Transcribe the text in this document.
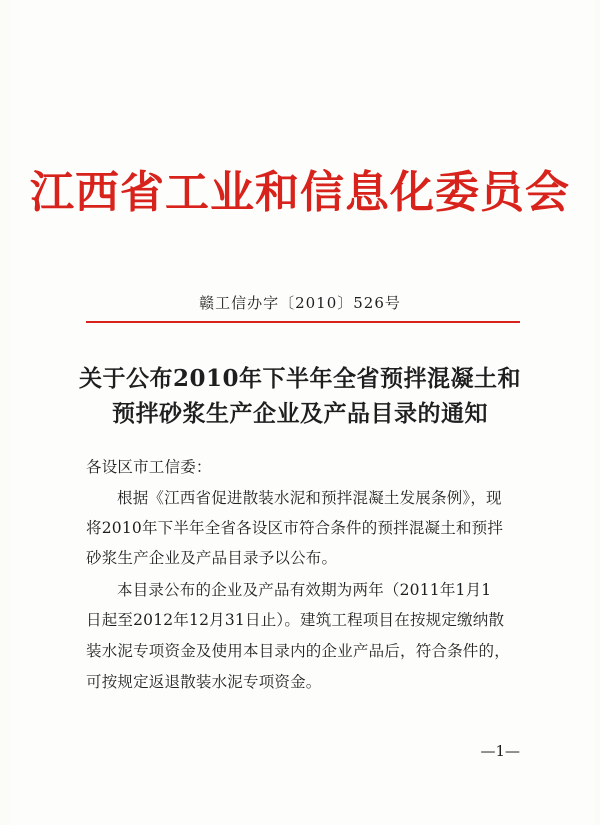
江西省工业和信息化委员会
赣工信办字〔2010〕526号
关于公布2010年下半年全省预拌混凝土和
预拌砂浆生产企业及产品目录的通知
各设区市工信委：
根据《江西省促进散装水泥和预拌混凝土发展条例》，现
将2010年下半年全省各设区市符合条件的预拌混凝土和预拌
砂浆生产企业及产品目录予以公布。
本目录公布的企业及产品有效期为两年（2011年1月1
日起至2012年12月31日止）。建筑工程项目在按规定缴纳散
装水泥专项资金及使用本目录内的企业产品后，符合条件的，
可按规定返退散装水泥专项资金。
—1—
